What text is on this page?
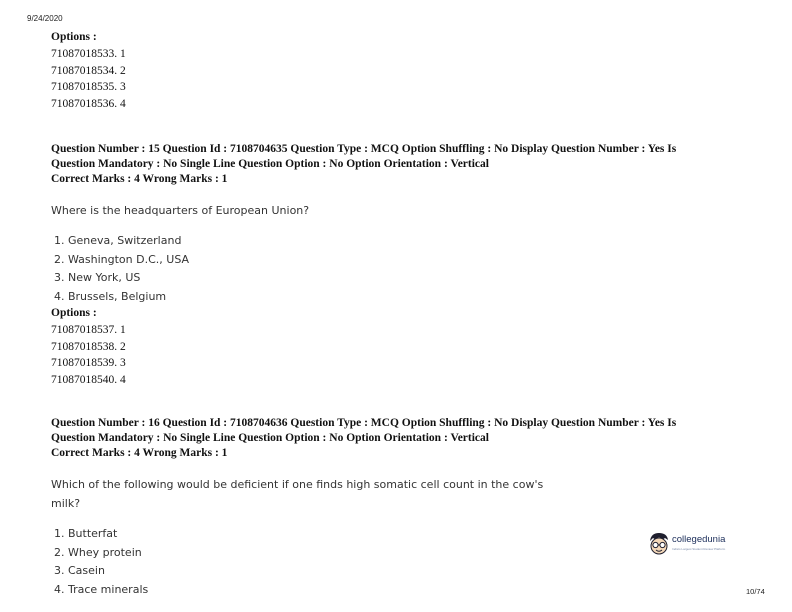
9/24/2020
Options :
71087018533. 1
71087018534. 2
71087018535. 3
71087018536. 4
Question Number : 15 Question Id : 7108704635 Question Type : MCQ Option Shuffling : No Display Question Number : Yes Is
Question Mandatory : No Single Line Question Option : No Option Orientation : Vertical
Correct Marks : 4 Wrong Marks : 1
Where is the headquarters of European Union?
1. Geneva, Switzerland
2. Washington D.C., USA
3. New York, US
4. Brussels, Belgium
Options :
71087018537. 1
71087018538. 2
71087018539. 3
71087018540. 4
Question Number : 16 Question Id : 7108704636 Question Type : MCQ Option Shuffling : No Display Question Number : Yes Is
Question Mandatory : No Single Line Question Option : No Option Orientation : Vertical
Correct Marks : 4 Wrong Marks : 1
Which of the following would be deficient if one finds high somatic cell count in the cow's
milk?
1. Butterfat
2. Whey protein
3. Casein
4. Trace minerals
collegedunia
India's Largest Student Review Platform
10/74
